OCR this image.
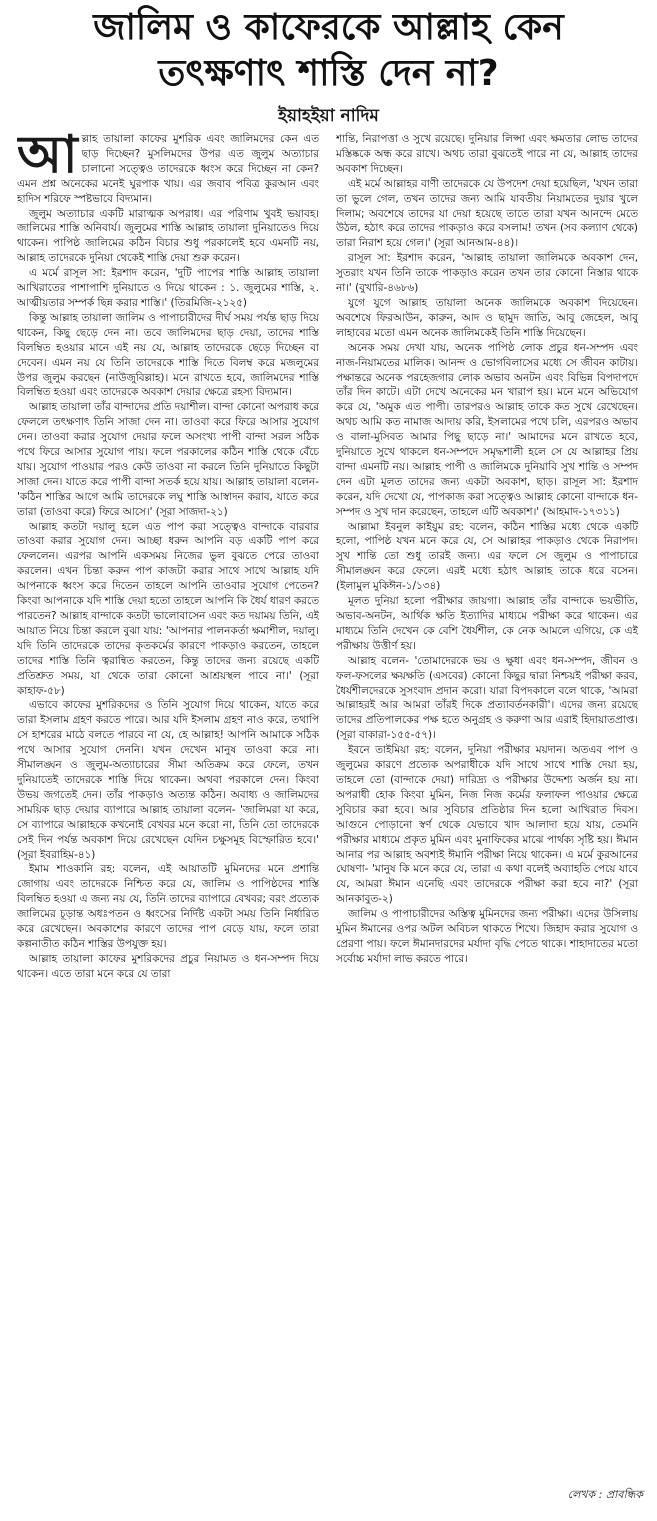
জালিম ও কাফেরকে আল্লাহ কেন
তৎক্ষণাৎ শাস্তি দেন না?
ইয়াহইয়া নাদিম

আল্লাহ তায়ালা কাফের মুশরিক এবং জালিমদের কেন এত ছাড় দিচ্ছেন? মুসলিমদের উপর এত জুলুম অত্যাচার চালানো সত্ত্বেও তাদেরকে ধ্বংস করে দিচ্ছেন না কেন? এমন প্রশ্ন অনেকের মনেই ঘুরপাক খায়। এর জবাব পবিত্র কুরআন এবং হাদিস শরিফে স্পষ্টভাবে বিদ্যমান।

জুলুম অত্যাচার একটি মারাত্মক অপরাধ। এর পরিণাম খুবই ভয়াবহ। জালিমের শাস্তি অনিবার্য। জুলুমের শাস্তি আল্লাহ তায়ালা দুনিয়াতেও দিয়ে থাকেন। পাপিষ্ঠ জালিমের কঠিন বিচার শুধু পরকালেই হবে এমনটি নয়, আল্লাহ তাদেরকে দুনিয়া থেকেই শাস্তি দেয়া শুরু করেন।

এ মর্মে রাসূল সা: ইরশাদ করেন, 'দুটি পাপের শাস্তি আল্লাহ তায়ালা আখিরাতের পাশাপাশি দুনিয়াতে ও দিয়ে থাকেন : ১. জুলুমের শাস্তি, ২. আত্মীয়তার সম্পর্ক ছিন্ন করার শাস্তি।' (তিরমিজি-২১২৫)

কিন্তু আল্লাহ তায়ালা জালিম ও পাপাচারীদের দীর্ঘ সময় পর্যন্ত ছাড় দিয়ে থাকেন, কিছু ছেড়ে দেন না। তবে জালিমদের ছাড় দেয়া, তাদের শাস্তি বিলম্বিত হওয়ার মানে এই নয় যে, আল্লাহ তাদেরকে ছেড়ে দিচ্ছেন বা দেবেন। এমন নয় যে তিনি তাদেরকে শাস্তি দিতে বিলম্ব করে মজলুমের উপর জুলুম করছেন (নাউজুবিল্লাহ)। মনে রাখতে হবে, জালিমদের শাস্তি বিলম্বিত হওয়া এবং তাদেরকে অবকাশ দেয়ার ক্ষেত্রে রহস্য বিদ্যমান।

আল্লাহ তায়ালা তাঁর বান্দাদের প্রতি দয়াশীল। বান্দা কোনো অপরাধ করে ফেললে তৎক্ষণাৎ তিনি সাজা দেন না। তাওবা করে ফিরে আসার সুযোগ দেন। তাওবা করার সুযোগ দেয়ার ফলে অসংখ্য পাপী বান্দা সরল সঠিক পথে ফিরে আসার সুযোগ পায়। ফলে পরকালের কঠিন শাস্তি থেকে বেঁচে যায়। সুযোগ পাওয়ার পরও কেউ তাওবা না করলে তিনি দুনিয়াতে কিছুটা সাজা দেন। যাতে করে পাপী বান্দা সতর্ক হয়ে যায়। আল্লাহ তায়ালা বলেন- 'কঠিন শাস্তির আগে আমি তাদেরকে লঘু শাস্তি আস্বাদন করাব, যাতে করে তারা (তাওবা করে) ফিরে আসে।' (সূরা সাজদা-২১)

আল্লাহ কতটা দয়ালু হলে এত পাপ করা সত্ত্বেও বান্দাকে বারবার তাওবা করার সুযোগ দেন। আচ্ছা ধরুন আপনি বড় একটি পাপ করে ফেললেন। এরপর আপনি একসময় নিজের ভুল বুঝতে পেরে তাওবা করলেন। এখন চিন্তা করুন পাপ কাজটা করার সাথে সাথে আল্লাহ যদি আপনাকে ধ্বংস করে দিতেন তাহলে আপনি তাওবার সুযোগ পেতেন? কিংবা আপনাকে যদি শাস্তি দেয়া হতো তাহলে আপনি কি ধৈর্য ধারণ করতে পারতেন? আল্লাহ বান্দাকে কতটা ভালোবাসেন এবং কত দয়াময় তিনি, এই আয়াত নিয়ে চিন্তা করলে বুঝা যায়: 'আপনার পালনকর্তা ক্ষমাশীল, দয়ালু। যদি তিনি তাদেরকে তাদের কৃতকর্মের কারণে পাকড়াও করতেন, তাহলে তাদের শাস্তি তিনি ত্বরান্বিত করতেন, কিন্তু তাদের জন্য রয়েছে একটি প্রতিশ্রুত সময়, যা থেকে তারা কোনো আশ্রয়স্থল পাবে না।' (সূরা কাহাফ-৫৮)

এভাবে কাফের মুশরিকদের ও তিনি সুযোগ দিয়ে থাকেন, যাতে করে তারা ইসলাম গ্রহণ করতে পারে। আর যদি ইসলাম গ্রহণ নাও করে, তথাপি সে হাশরের মাঠে বলতে পারবে না যে, হে আল্লাহ! আপনি আমাকে সঠিক পথে আসার সুযোগ দেননি। যখন দেখেন মানুষ তাওবা করে না। সীমালঙ্ঘন ও জুলুম-অত্যাচারের সীমা অতিক্রম করে ফেলে, তখন দুনিয়াতেই তাদেরকে শাস্তি দিয়ে থাকেন। অথবা পরকালে দেন। কিংবা উভয় জগতেই দেন। তাঁর পাকড়াও অত্যন্ত কঠিন। অবাধ্য ও জালিমদের সাময়িক ছাড় দেয়ার ব্যাপারে আল্লাহ তায়ালা বলেন- 'জালিমরা যা করে, সে ব্যাপারে আল্লাহকে কখনোই বেখবর মনে করো না, তিনি তো তাদেরকে সেই দিন পর্যন্ত অবকাশ দিয়ে রেখেছেন যেদিন চক্ষুসমূহ বিস্ফোরিত হবে।' (সূরা ইবরাহিম-৪১)

ইমাম শাওকানি রহ: বলেন, এই আয়াতটি মুমিনদের মনে প্রশান্তি জোগায় এবং তাদেরকে নিশ্চিত করে যে, জালিম ও পাপিষ্ঠদের শাস্তি বিলম্বিত হওয়া এ জন্য নয় যে, তিনি তাদের ব্যাপারে বেখবর; বরং প্রত্যেক জালিমের চূড়ান্ত অধঃপতন ও ধ্বংসের নির্দিষ্ট একটা সময় তিনি নির্ধারিত করে রেখেছেন। অবকাশের কারণে তাদের পাপ বেড়ে যায়, ফলে তারা কল্পনাতীত কঠিন শাস্তির উপযুক্ত হয়।

আল্লাহ তায়ালা কাফের মুশরিকদের প্রচুর নিয়ামত ও ধন-সম্পদ দিয়ে থাকেন। এতে তারা মনে করে যে তারা

শান্তি, নিরাপত্তা ও সুখে রয়েছে। দুনিয়ার লিপ্সা এবং ক্ষমতার লোভ তাদের মস্তিষ্ককে অন্ধ করে রাখে। অথচ তারা বুঝতেই পারে না যে, আল্লাহ তাদের অবকাশ দিচ্ছেন।

এই মর্মে আল্লাহর বাণী তাদেরকে যে উপদেশ দেয়া হয়েছিল, 'যখন তারা তা ভুলে গেল, তখন তাদের জন্য আমি যাবতীয় নিয়ামতের দুয়ার খুলে দিলাম; অবশেষে তাদের যা দেয়া হয়েছে তাতে তারা যখন আনন্দে মেতে উঠল, হঠাৎ করে তাদের পাকড়াও করে বসলাম! তখন (সব কল্যাণ থেকে) তারা নিরাশ হয়ে গেল।' (সূরা আনআম-৪৪)।

রাসূল সা: ইরশাদ করেন, 'আল্লাহ তায়ালা জালিমকে অবকাশ দেন, সুতরাং যখন তিনি তাকে পাকড়াও করেন তখন তার কোনো নিস্তার থাকে না।' (বুখারি-৪৬৮৬)

যুগে যুগে আল্লাহ তায়ালা অনেক জালিমকে অবকাশ দিয়েছেন। অবশেষে ফিরআউন, কারুন, আদ ও ছামুদ জাতি, আবু জেহেল, আবু লাহাবের মতো এমন অনেক জালিমকেই তিনি শাস্তি দিয়েছেন।

অনেক সময় দেখা যায়, অনেক পাপিষ্ঠ লোক প্রচুর ধন-সম্পদ এবং নাজ-নিয়ামতের মালিক। আনন্দ ও ভোগবিলাসের মধ্যে সে জীবন কাটায়। পক্ষান্তরে অনেক পরহেজগার লোক অভাব অনটন এবং বিভিন্ন বিপদাপদে তাঁর দিন কাটে। এটা দেখে অনেকের মন খারাপ হয়। মনে মনে অভিযোগ করে যে, 'অমুক এত পাপী। তারপরও আল্লাহ তাকে কত সুখে রেখেছেন। অথচ আমি কত নামাজ আদায় করি, ইসলামের পথে চলি, এরপরও অভাব ও বালা-মুসিবত আমার পিছু ছাড়ে না।' আমাদের মনে রাখতে হবে, দুনিয়াতে সুখে থাকলে ধন-সম্পদে সমৃদ্ধশালী হলে সে যে আল্লাহর প্রিয় বান্দা এমনটি নয়। আল্লাহ পাপী ও জালিমকে দুনিয়াবি সুখ শান্তি ও সম্পদ দেন এটা মূলত তাদের জন্য একটা অবকাশ, ছাড়। রাসূল সা: ইরশাদ করেন, যদি দেখো যে, পাপকাজ করা সত্ত্বেও আল্লাহ কোনো বান্দাকে ধন-সম্পদ ও সুখ দান করেছেন, তাহলে এটি অবকাশ।' (আহমাদ-১৭৩১১)

আল্লামা ইবনুল কাইয়ুম রহ: বলেন, কঠিন শাস্তির মধ্যে থেকে একটি হলো, পাপিষ্ঠ যখন মনে করে যে, সে আল্লাহর পাকড়াও থেকে নিরাপদ। সুখ শান্তি তো শুধু তারই জন্য। এর ফলে সে জুলুম ও পাপাচারে সীমালঙ্ঘন করে ফেলে। এরই মধ্যে হঠাৎ আল্লাহ তাকে ধরে বসেন। (ইলামুল মুকিঈন-১/১৩৪)

মূলত দুনিয়া হলো পরীক্ষার জায়গা। আল্লাহ তাঁর বান্দাকে ভয়ভীতি, অভাব-অনটন, আর্থিক ক্ষতি ইত্যাদির মাধ্যমে পরীক্ষা করে থাকেন। এর মাধ্যমে তিনি দেখেন কে বেশি ধৈর্যশীল, কে নেক আমলে এগিয়ে, কে এই পরীক্ষায় উত্তীর্ণ হয়।

আল্লাহ বলেন- 'তোমাদেরকে ভয় ও ক্ষুধা এবং ধন-সম্পদ, জীবন ও ফল-ফসলের ক্ষয়ক্ষতি (এসবের) কোনো কিছুর দ্বারা নিশ্চয়ই পরীক্ষা করব, ধৈর্যশীলদেরকে সুসংবাদ প্রদান করো। যারা বিপদকালে বলে থাকে, 'আমরা আল্লাহরই আর আমরা তাঁরই দিকে প্রত্যাবর্তনকারী'। এদের জন্য রয়েছে তাদের প্রতিপালকের পক্ষ হতে অনুগ্রহ ও করুণা আর এরাই হিদায়াতপ্রাপ্ত। (সূরা বাকারা-১৫৫-৫৭)।

ইবনে তাইমিয়া রহ: বলেন, দুনিয়া পরীক্ষার ময়দান। অতএব পাপ ও জুলুমের কারণে প্রত্যেক অপরাধীকে যদি সাথে সাথে শাস্তি দেয়া হয়, তাহলে তো (বান্দাকে দেয়া) দারিদ্র্য ও পরীক্ষার উদ্দেশ্য অর্জন হয় না। অপরাধী হোক কিংবা মুমিন, নিজ নিজ কর্মের ফলাফল পাওয়ার ক্ষেত্রে সুবিচার করা হবে। আর সুবিচার প্রতিষ্ঠার দিন হলো আখিরাত দিবস। আগুনে পোড়ানো স্বর্ণ থেকে যেভাবে খাদ আলাদা হয়ে যায়, তেমনি পরীক্ষার মাধ্যমে প্রকৃত মুমিন এবং মুনাফিকের মাঝে পার্থক্য সৃষ্টি হয়। ঈমান আনার পর আল্লাহ অবশ্যই ঈমানি পরীক্ষা নিয়ে থাকেন। এ মর্মে কুরআনের ঘোষণা- 'মানুষ কি মনে করে যে, তারা এ কথা বলেই অব্যাহতি পেয়ে যাবে যে, আমরা ঈমান এনেছি এবং তাদেরকে পরীক্ষা করা হবে না?' (সূরা আনকাবুত-২)

জালিম ও পাপাচারীদের অস্তিত্ব মুমিনদের জন্য পরীক্ষা। এদের উসিলায় মুমিন ঈমানের ওপর অটল অবিচল থাকতে শিখে। জিহাদ করার সুযোগ ও প্রেরণা পায়। ফলে ঈমানদারদের মর্যাদা বৃদ্ধি পেতে থাকে। শাহাদাতের মতো সর্বোচ্চ মর্যাদা লাভ করতে পারে।

লেখক : প্রাবন্ধিক
